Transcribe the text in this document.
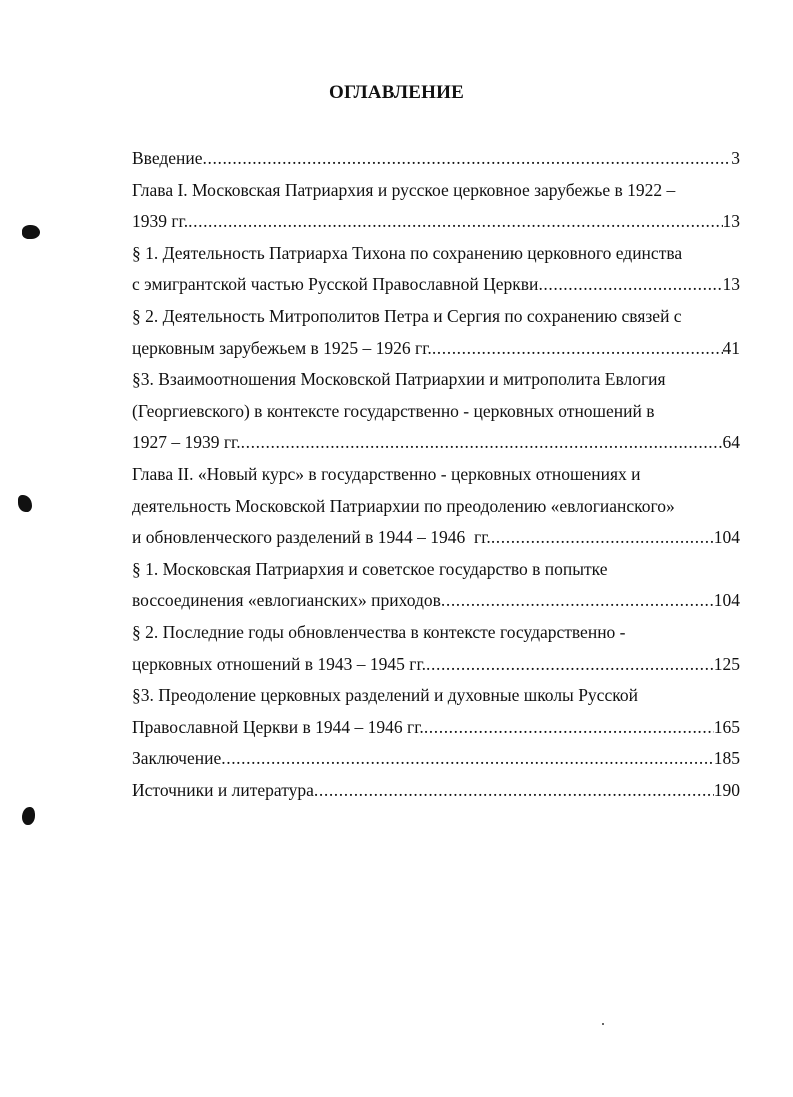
ОГЛАВЛЕНИЕ
Введение .....	3
Глава I. Московская Патриархия и русское церковное зарубежье в 1922 –
1939 гг. .....	13
§ 1. Деятельность Патриарха Тихона по сохранению церковного единства
с эмигрантской частью Русской Православной Церкви .....	13
§ 2. Деятельность Митрополитов Петра и Сергия по сохранению связей с
церковным зарубежьем в 1925 – 1926 гг. .....	41
§3. Взаимоотношения Московской Патриархии и митрополита Евлогия
(Георгиевского) в контексте государственно - церковных отношений в
1927 – 1939 гг. .....	64
Глава II. «Новый курс» в государственно - церковных отношениях и
деятельность Московской Патриархии по преодолению «евлогианского»
и обновленческого разделений в 1944 – 1946  гг. .....	104
§ 1. Московская Патриархия и советское государство в попытке
воссоединения «евлогианских» приходов .....	104
§ 2. Последние годы обновленчества в контексте государственно -
церковных отношений в 1943 – 1945 гг. .....	125
§3. Преодоление церковных разделений и духовные школы Русской
Православной Церкви в 1944 – 1946 гг. .....	165
Заключение .....	185
Источники и литература .....	190
